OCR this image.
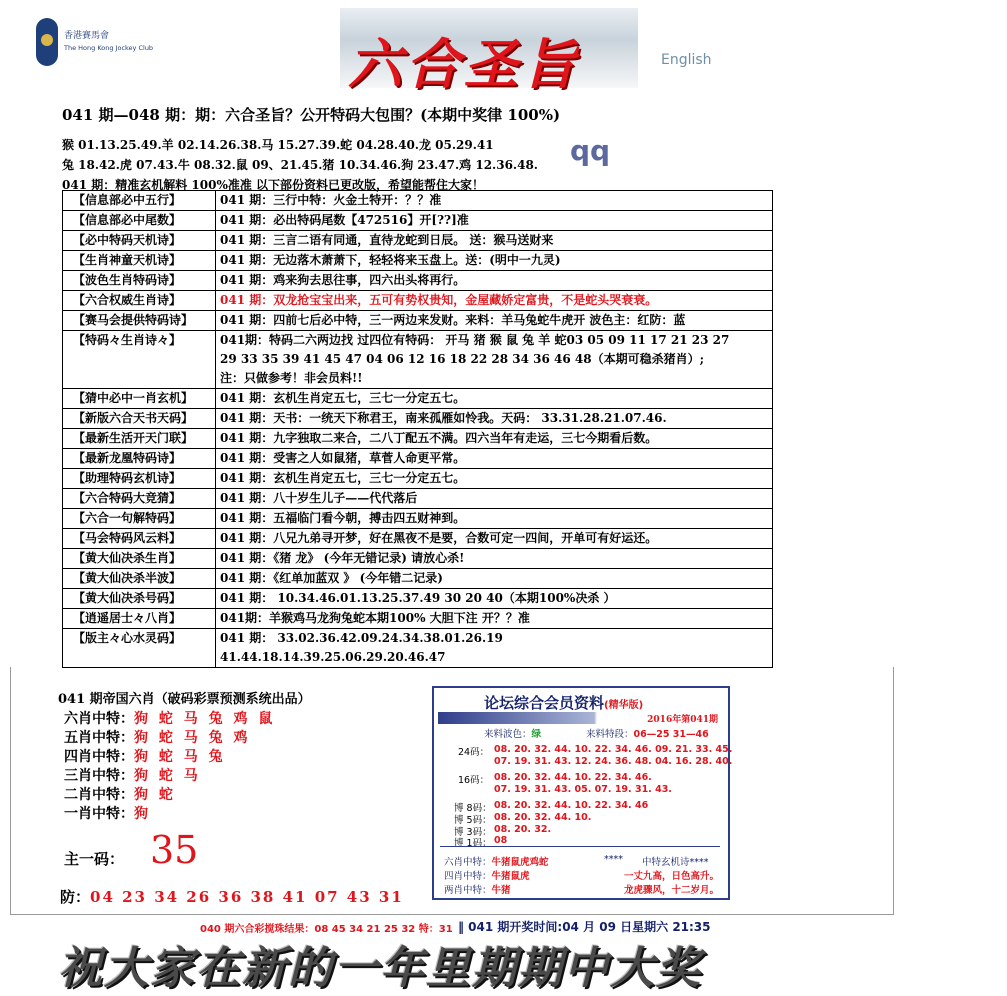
香港賽馬會
The Hong Kong Jockey Club	六合圣旨	English
041 期—048 期：期：六合圣旨？公开特码大包围？(本期中奖律 100%)
猴 01.13.25.49.羊 02.14.26.38.马 15.27.39.蛇 04.28.40.龙 05.29.41
兔 18.42.虎 07.43.牛 08.32.鼠 09、21.45.猪 10.34.46.狗 23.47.鸡 12.36.48. qq
041 期：精准玄机解料 100%准准 以下部份资料已更改版，希望能帮住大家！
【信息部必中五行】	041 期：三行中特：火金土特开：？？准

【信息部必中尾数】	041 期：必出特码尾数【472516】开[??]准

【必中特码天机诗】	041 期：三言二语有同通，直待龙蛇到日辰。 送：猴马送财来

【生肖神童天机诗】	041 期：无边落木萧萧下，轻轻将来玉盘上。送：(明中一九灵)

【波色生肖特码诗】	041 期：鸡来狗去思往事，四六出头将再行。

【六合权威生肖诗】	041 期：双龙抢宝宝出来，五可有势权贵知，金屋藏娇定富贵，不是蛇头哭衰衰。

【赛马会提供特码诗】	041 期：四前七后必中特，三一两边来发财。来料：羊马兔蛇牛虎开 波色主：红防：蓝

【特码々生肖诗々】	041期：特码二六两边找 过四位有特码： 开马 猪 猴 鼠 兔 羊 蛇03 05 09 11 17 21 23 27
29 33 35 39 41 45 47 04 06 12 16 18 22 28 34 36 46 48（本期可稳杀猪肖）;
注：只做参考！非会员料!!

【猜中必中一肖玄机】	041 期：玄机生肖定五七，三七一分定五七。

【新版六合天书天码】	041 期：天书：一统天下称君王，南来孤雁如怜我。天码： 33.31.28.21.07.46.

【最新生活开天门联】	041 期：九字独取二来合，二八丁配五不满。四六当年有走运，三七今期看后数。

【最新龙凰特码诗】	041 期：受害之人如鼠猪，草菅人命更平常。

【助理特码玄机诗】	041 期：玄机生肖定五七，三七一分定五七。

【六合特码大竞猜】	041 期：八十岁生儿子——代代落后

【六合一句解特码】	041 期：五福临门看今朝，搏击四五财神到。

【马会特码风云料】	041 期：八兄九弟寻开梦，好在黑夜不是要，合数可定一四间，开单可有好运还。

【黄大仙决杀生肖】	041 期：《猪 龙》 (今年无错记录) 请放心杀!

【黄大仙决杀半波】	041 期：《红单加蓝双 》 (今年错二记录)

【黄大仙决杀号码】	041 期： 10.34.46.01.13.25.37.49 30 20 40（本期100%决杀 ）

【逍遥居士々八肖】	041期：羊猴鸡马龙狗兔蛇本期100% 大胆下注 开？？准

【版主々心水灵码】	041 期： 33.02.36.42.09.24.34.38.01.26.19
41.44.18.14.39.25.06.29.20.46.47
041 期帝国六肖（破码彩票预测系统出品）
六肖中特：狗 蛇 马 兔 鸡 鼠
五肖中特：狗 蛇 马 兔 鸡
四肖中特：狗 蛇 马 兔
三肖中特：狗 蛇 马
二肖中特：狗 蛇
一肖中特：狗
主一码： 35
防：04 23 34 26 36 38 41 07 43 31
论坛综合会员资料(精华版)
2016年第041期
来料波色：绿	来料特段：06—25 31—46
24码： 08. 20. 32. 44. 10. 22. 34. 46. 09. 21. 33. 45.
07. 19. 31. 43. 12. 24. 36. 48. 04. 16. 28. 40.
16码： 08. 20. 32. 44. 10. 22. 34. 46.
07. 19. 31. 43. 05. 07. 19. 31. 43.
博 8码： 08. 20. 32. 44. 10. 22. 34. 46
博 5码： 08. 20. 32. 44. 10.
博 3码： 08. 20. 32.
博 1码： 08
六肖中特：牛猪鼠虎鸡蛇
四肖中特：牛猪鼠虎
两肖中特：牛猪
**** 中特玄机诗****
一丈九高，日色高升。
龙虎骤风，十二岁月。
040 期六合彩搅珠结果：08 45 34 21 25 32 特：31 ‖ 041 期开奖时间:04 月 09 日星期六 21:35
祝大家在新的一年里期期中大奖
